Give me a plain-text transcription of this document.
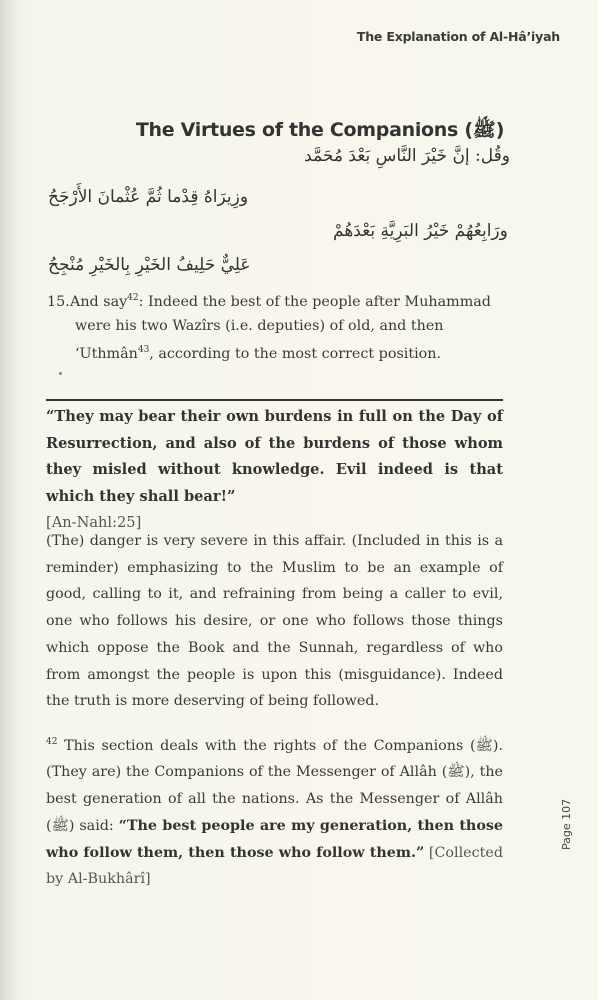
The Explanation of Al-Hâ’iyah
The Virtues of the Companions (ﷺ)
وقُل: إنَّ خَيْرَ النَّاسِ بَعْدَ مُحَمَّد
وزِيرَاهُ قِدْما ثُمَّ عُثْمانَ الأَرْجَحُ
ورَابِعُهُمْ خَيْرُ البَرِيَّةِ بَعْدَهُمْ
عَلِيٌّ حَلِيفُ الخَيْرِ بِالخَيْرِ مُنْجِحُ
15.And say$^{42}$: Indeed the best of the people after Muhammad
were his two Wazîrs (i.e. deputies) of old, and then
‘Uthmân$^{43}$, according to the most correct position.
“They may bear their own burdens in full on the Day of Resurrection, and also of the burdens of those whom they misled without knowledge. Evil indeed is that which they shall bear!”
[An-Nahl:25]
(The) danger is very severe in this affair. (Included in this is a reminder) emphasizing to the Muslim to be an example of good, calling to it, and refraining from being a caller to evil, one who follows his desire, or one who follows those things which oppose the Book and the Sunnah, regardless of who from amongst the people is upon this (misguidance). Indeed the truth is more deserving of being followed.
$^{42}$ This section deals with the rights of the Companions (ﷺ). (They are) the Companions of the Messenger of Allâh (ﷺ), the best generation of all the nations. As the Messenger of Allâh (ﷺ) said: “The best people are my generation, then those who follow them, then those who follow them.” [Collected by Al-Bukhârî]
Page 107
